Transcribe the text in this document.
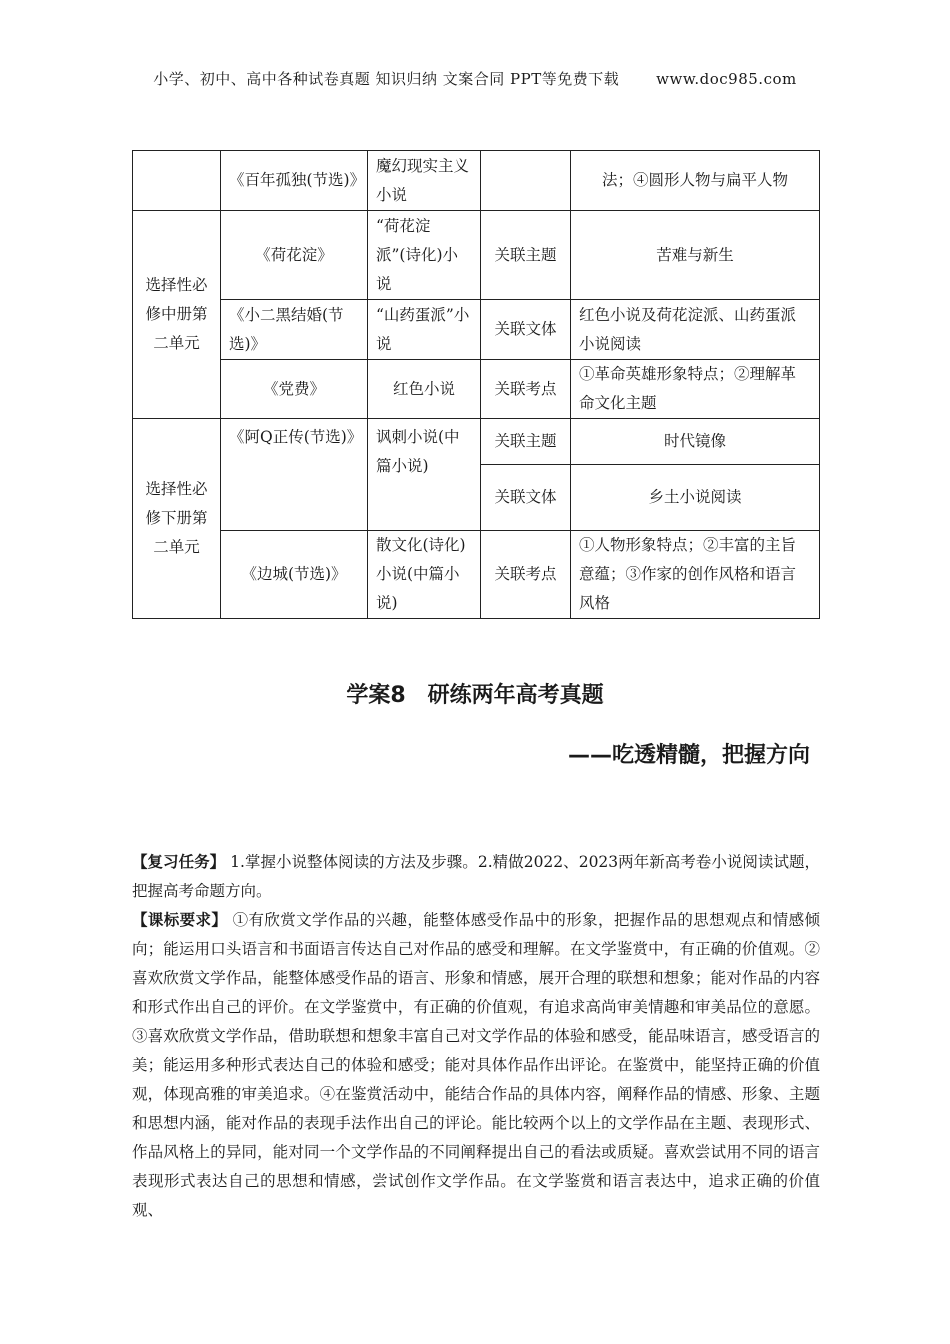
小学、初中、高中各种试卷真题 知识归纳 文案合同 PPT等免费下载 www.doc985.com
	《百年孤独(节选)》	魔幻现实主义小说		法；④圆形人物与扁平人物
选择性必修中册第二单元	《荷花淀》	“荷花淀派”(诗化)小说	关联主题	苦难与新生
	《小二黑结婚(节选)》	“山药蛋派”小说	关联文体	红色小说及荷花淀派、山药蛋派小说阅读
	《党费》	红色小说	关联考点	①革命英雄形象特点；②理解革命文化主题
选择性必修下册第二单元	《阿Q正传(节选)》	讽刺小说(中篇小说)	关联主题	时代镜像
			关联文体	乡土小说阅读
	《边城(节选)》	散文化(诗化)小说(中篇小说)	关联考点	①人物形象特点；②丰富的主旨意蕴；③作家的创作风格和语言风格
学案8　研练两年高考真题
——吃透精髓，把握方向

【复习任务】 1.掌握小说整体阅读的方法及步骤。2.精做2022、2023两年新高考卷小说阅读试题，把握高考命题方向。

【课标要求】 ①有欣赏文学作品的兴趣，能整体感受作品中的形象，把握作品的思想观点和情感倾向；能运用口头语言和书面语言传达自己对作品的感受和理解。在文学鉴赏中，有正确的价值观。②喜欢欣赏文学作品，能整体感受作品的语言、形象和情感，展开合理的联想和想象；能对作品的内容和形式作出自己的评价。在文学鉴赏中，有正确的价值观，有追求高尚审美情趣和审美品位的意愿。③喜欢欣赏文学作品，借助联想和想象丰富自己对文学作品的体验和感受，能品味语言，感受语言的美；能运用多种形式表达自己的体验和感受；能对具体作品作出评论。在鉴赏中，能坚持正确的价值观，体现高雅的审美追求。④在鉴赏活动中，能结合作品的具体内容，阐释作品的情感、形象、主题和思想内涵，能对作品的表现手法作出自己的评论。能比较两个以上的文学作品在主题、表现形式、作品风格上的异同，能对同一个文学作品的不同阐释提出自己的看法或质疑。喜欢尝试用不同的语言表现形式表达自己的思想和情感，尝试创作文学作品。在文学鉴赏和语言表达中，追求正确的价值观、
